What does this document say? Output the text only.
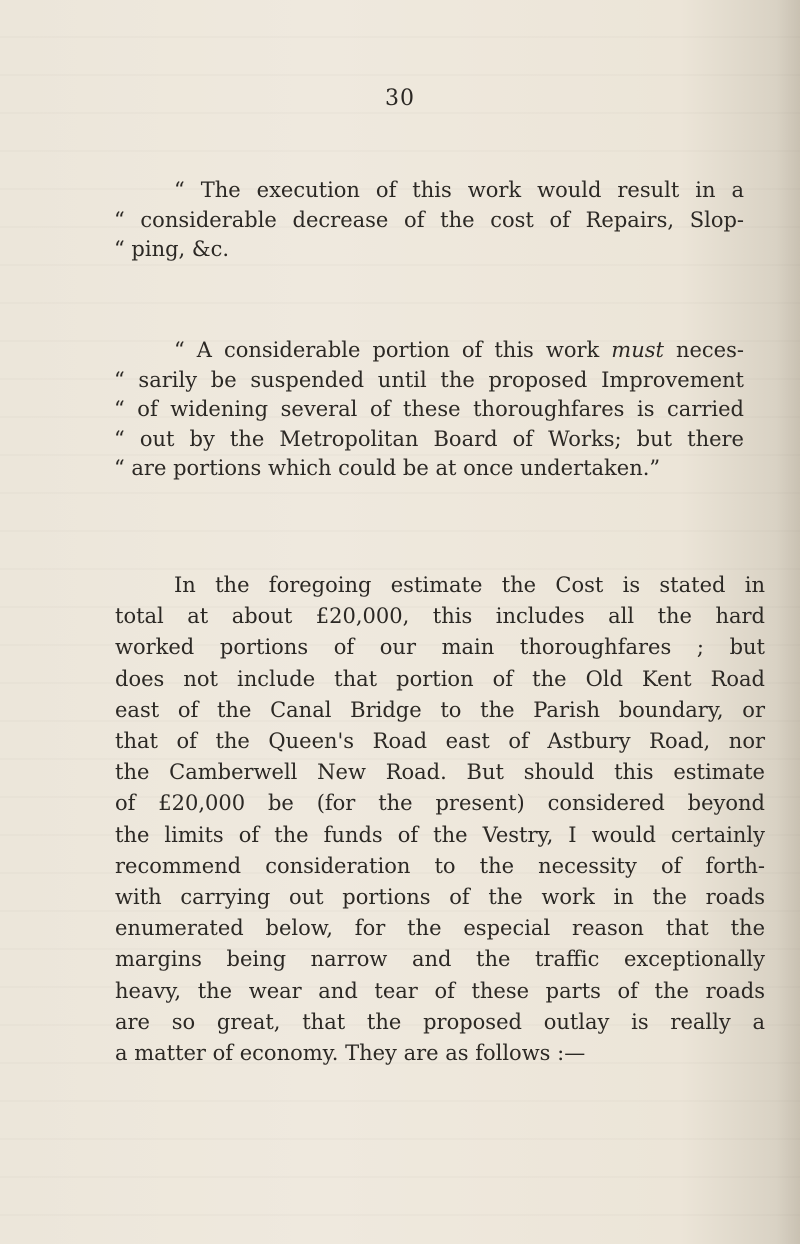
30
“ The execution of this work would result in a
“ considerable decrease of the cost of Repairs, Slop-
“ ping, &c.
“ A considerable portion of this work must neces-
“ sarily be suspended until the proposed Improvement
“ of widening several of these thoroughfares is carried
“ out by the Metropolitan Board of Works; but there
“ are portions which could be at once undertaken.”
In the foregoing estimate the Cost is stated in
total at about £20,000, this includes all the hard
worked portions of our main thoroughfares ; but
does not include that portion of the Old Kent Road
east of the Canal Bridge to the Parish boundary, or
that of the Queen's Road east of Astbury Road, nor
the Camberwell New Road. But should this estimate
of £20,000 be (for the present) considered beyond
the limits of the funds of the Vestry, I would certainly
recommend consideration to the necessity of forth-
with carrying out portions of the work in the roads
enumerated below, for the especial reason that the
margins being narrow and the traffic exceptionally
heavy, the wear and tear of these parts of the roads
are so great, that the proposed outlay is really a
a matter of economy. They are as follows :—
